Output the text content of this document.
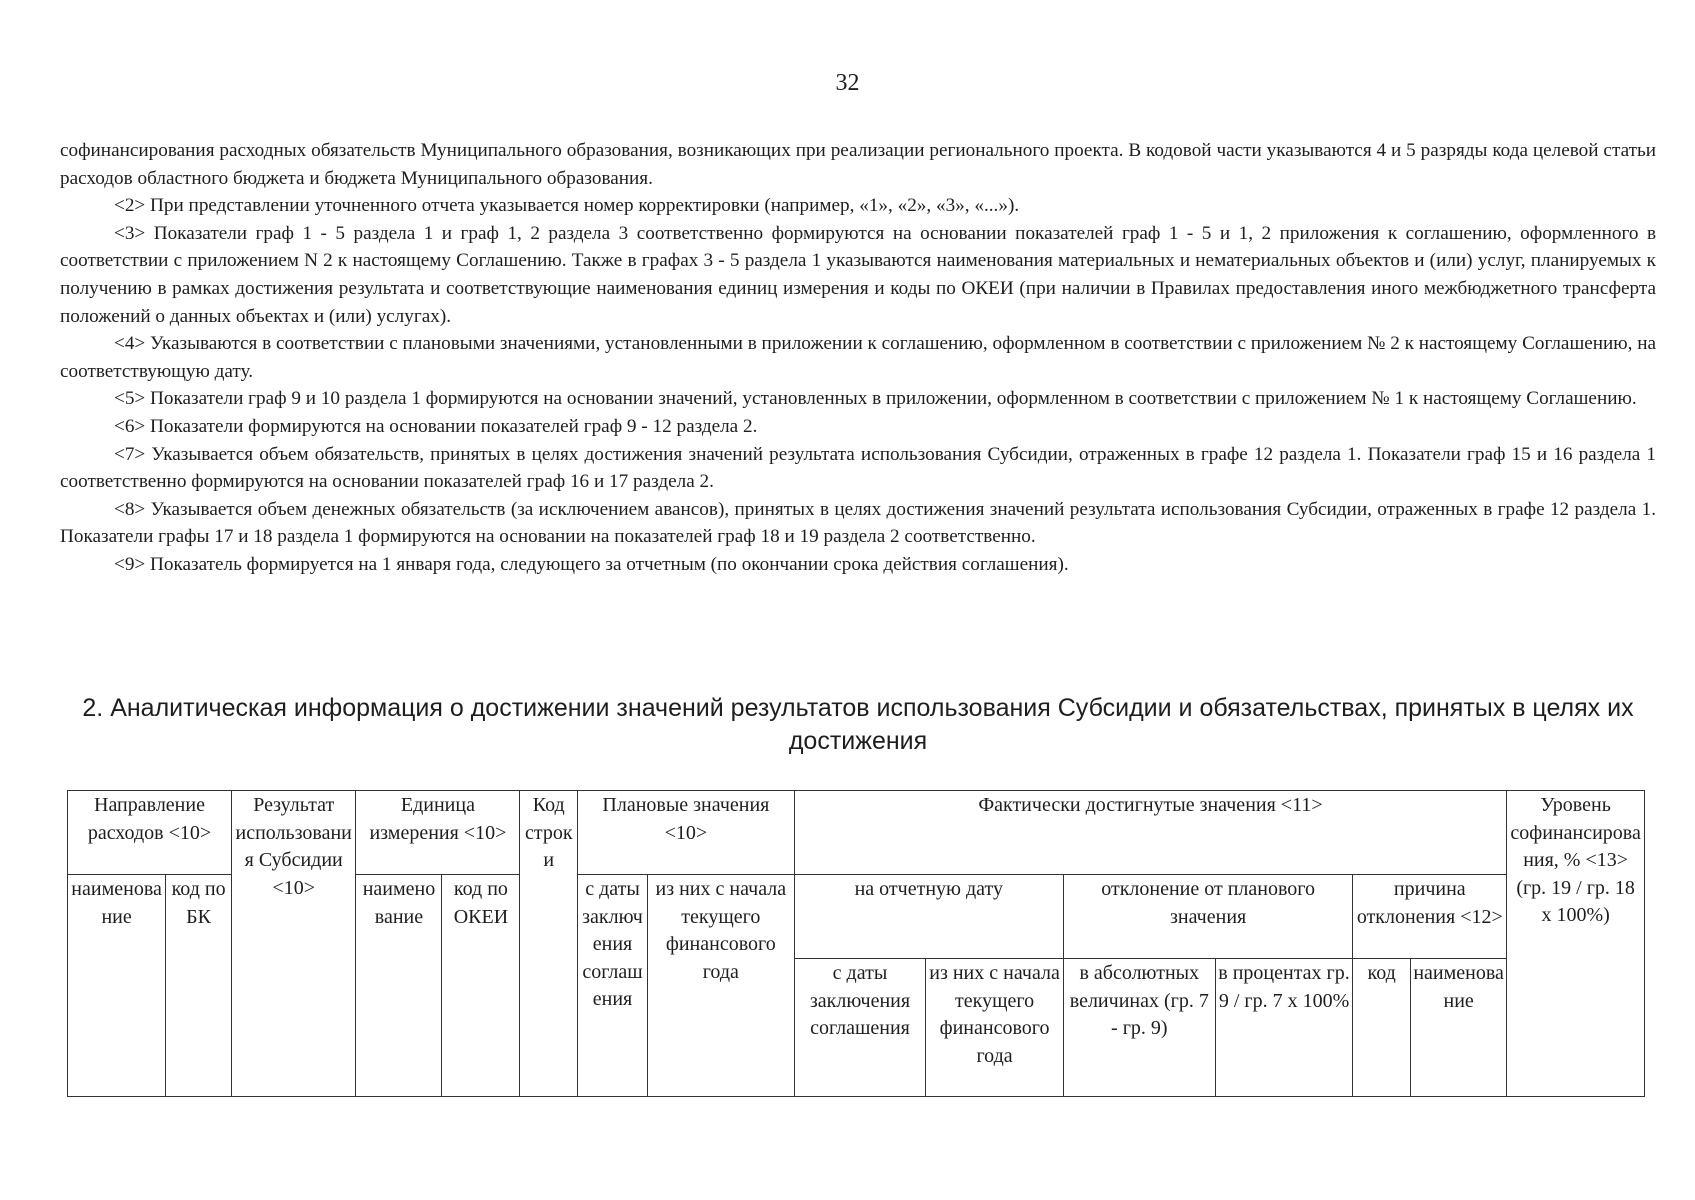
32

софинансирования расходных обязательств Муниципального образования, возникающих при реализации регионального проекта. В кодовой части указываются 4 и 5 разряды кода целевой статьи расходов областного бюджета и бюджета Муниципального образования.

<2> При представлении уточненного отчета указывается номер корректировки (например, «1», «2», «3», «...»).

<3> Показатели граф 1 - 5 раздела 1 и граф 1, 2 раздела 3 соответственно формируются на основании показателей граф 1 - 5 и 1, 2 приложения к соглашению, оформленного в соответствии с приложением N 2 к настоящему Соглашению. Также в графах 3 - 5 раздела 1 указываются наименования материальных и нематериальных объектов и (или) услуг, планируемых к получению в рамках достижения результата и соответствующие наименования единиц измерения и коды по ОКЕИ (при наличии в Правилах предоставления иного межбюджетного трансферта положений о данных объектах и (или) услугах).

<4> Указываются в соответствии с плановыми значениями, установленными в приложении к соглашению, оформленном в соответствии с приложением № 2 к настоящему Соглашению, на соответствующую дату.

<5> Показатели граф 9 и 10 раздела 1 формируются на основании значений, установленных в приложении, оформленном в соответствии с приложением № 1 к настоящему Соглашению.

<6> Показатели формируются на основании показателей граф 9 - 12 раздела 2.

<7> Указывается объем обязательств, принятых в целях достижения значений результата использования Субсидии, отраженных в графе 12 раздела 1. Показатели граф 15 и 16 раздела 1 соответственно формируются на основании показателей граф 16 и 17 раздела 2.

<8> Указывается объем денежных обязательств (за исключением авансов), принятых в целях достижения значений результата использования Субсидии, отраженных в графе 12 раздела 1. Показатели графы 17 и 18 раздела 1 формируются на основании на показателей граф 18 и 19 раздела 2 соответственно.

<9> Показатель формируется на 1 января года, следующего за отчетным (по окончании срока действия соглашения).

2. Аналитическая информация о достижении значений результатов использования Субсидии и обязательствах, принятых в целях их достижения
Направление расходов <10>		Результат использования Субсидии <10>	Единица измерения <10>		Код строки	Плановые значения <10>		Фактически достигнутые значения <11>						Уровень софинансирования, % <13> (гр. 19 / гр. 18 х 100%)
наименование	код по БК		наименование	код по ОКЕИ		с даты заключения соглашения	из них с начала текущего финансового года	на отчетную дату		отклонение от планового значения		причина отклонения <12>		
								с даты заключения соглашения	из них с начала текущего финансового года	в абсолютных величинах (гр. 7 - гр. 9)	в процентах гр. 9 / гр. 7 х 100%	код	наименование	
